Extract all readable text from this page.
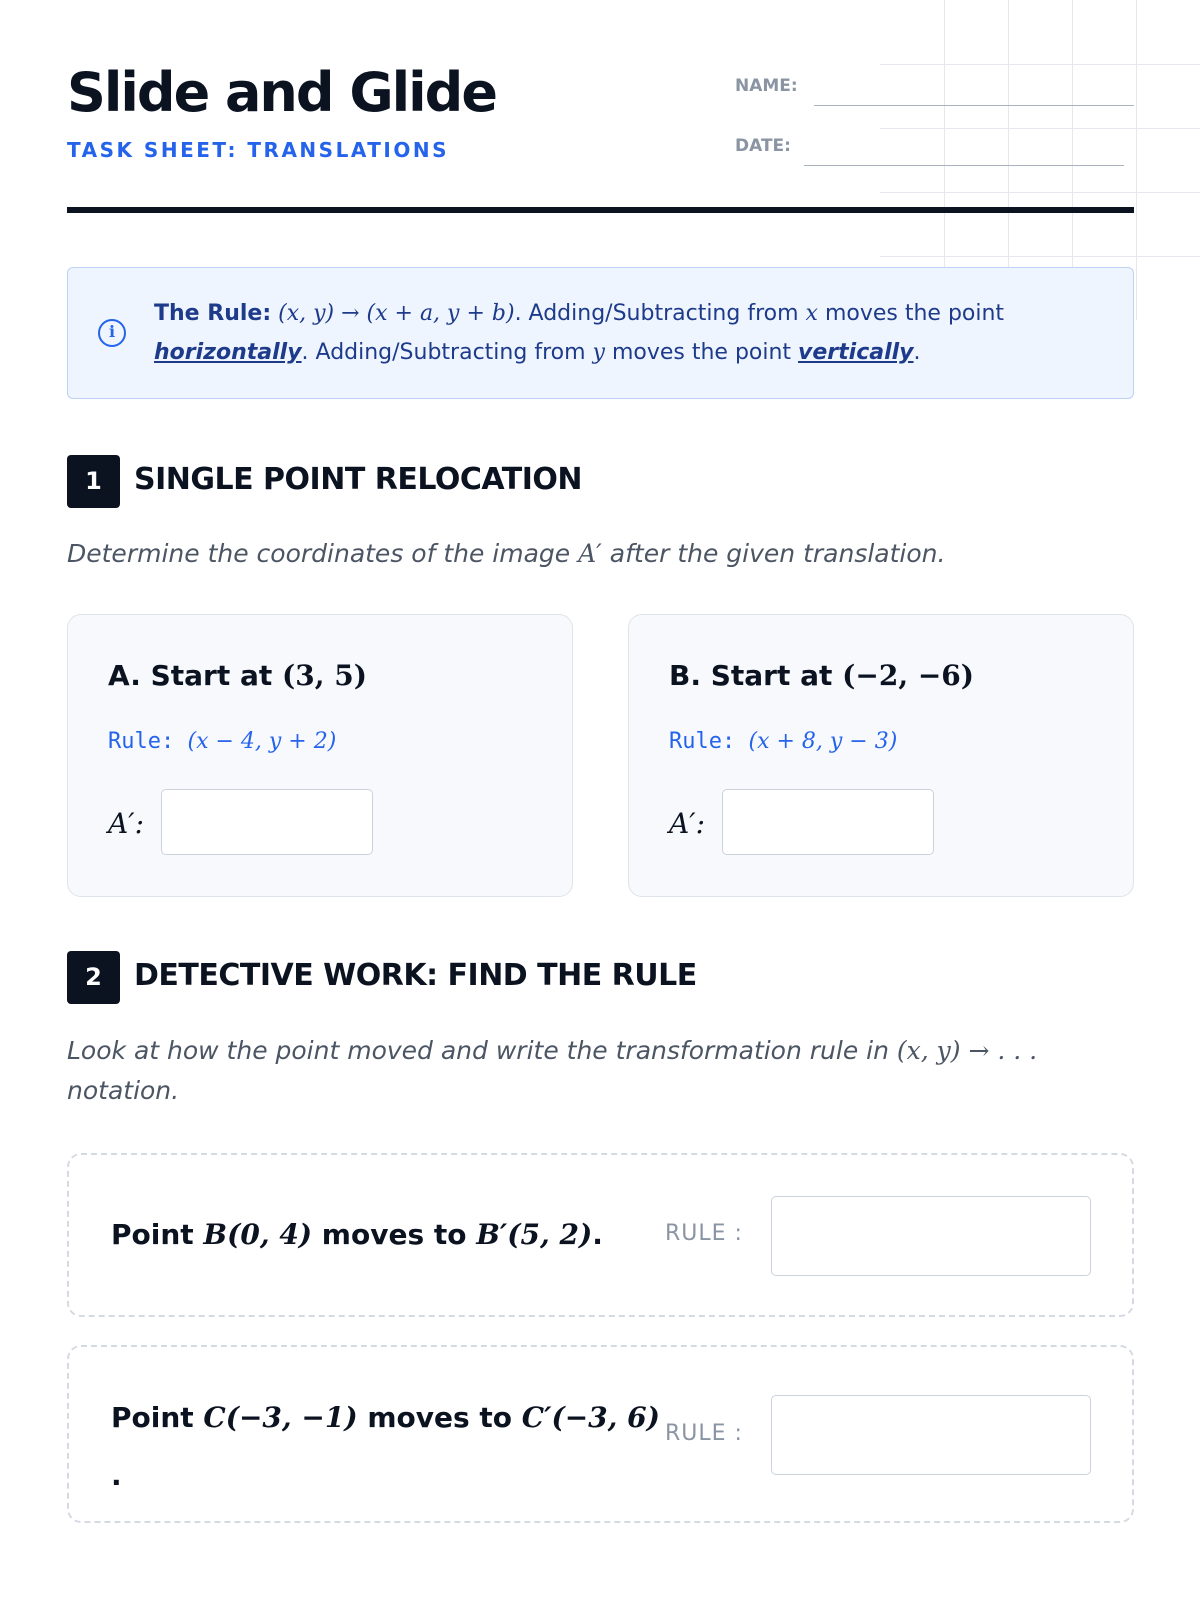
Slide and Glide
TASK SHEET: TRANSLATIONS
NAME:
DATE:
i
The Rule: (x, y) → (x + a, y + b). Adding/Subtracting from x moves the point horizontally. Adding/Subtracting from y moves the point vertically.
1	SINGLE POINT RELOCATION
Determine the coordinates of the image A′ after the given translation.
A. Start at (3, 5)
Rule: (x − 4, y + 2)
A′:
B. Start at (−2, −6)
Rule: (x + 8, y − 3)
A′:
2	DETECTIVE WORK: FIND THE RULE
Look at how the point moved and write the transformation rule in (x, y) → . . .
notation.
Point B(0, 4) moves to B′(5, 2).	RULE :
Point C(−3, −1) moves to C′(−3, 6)
.
RULE :
